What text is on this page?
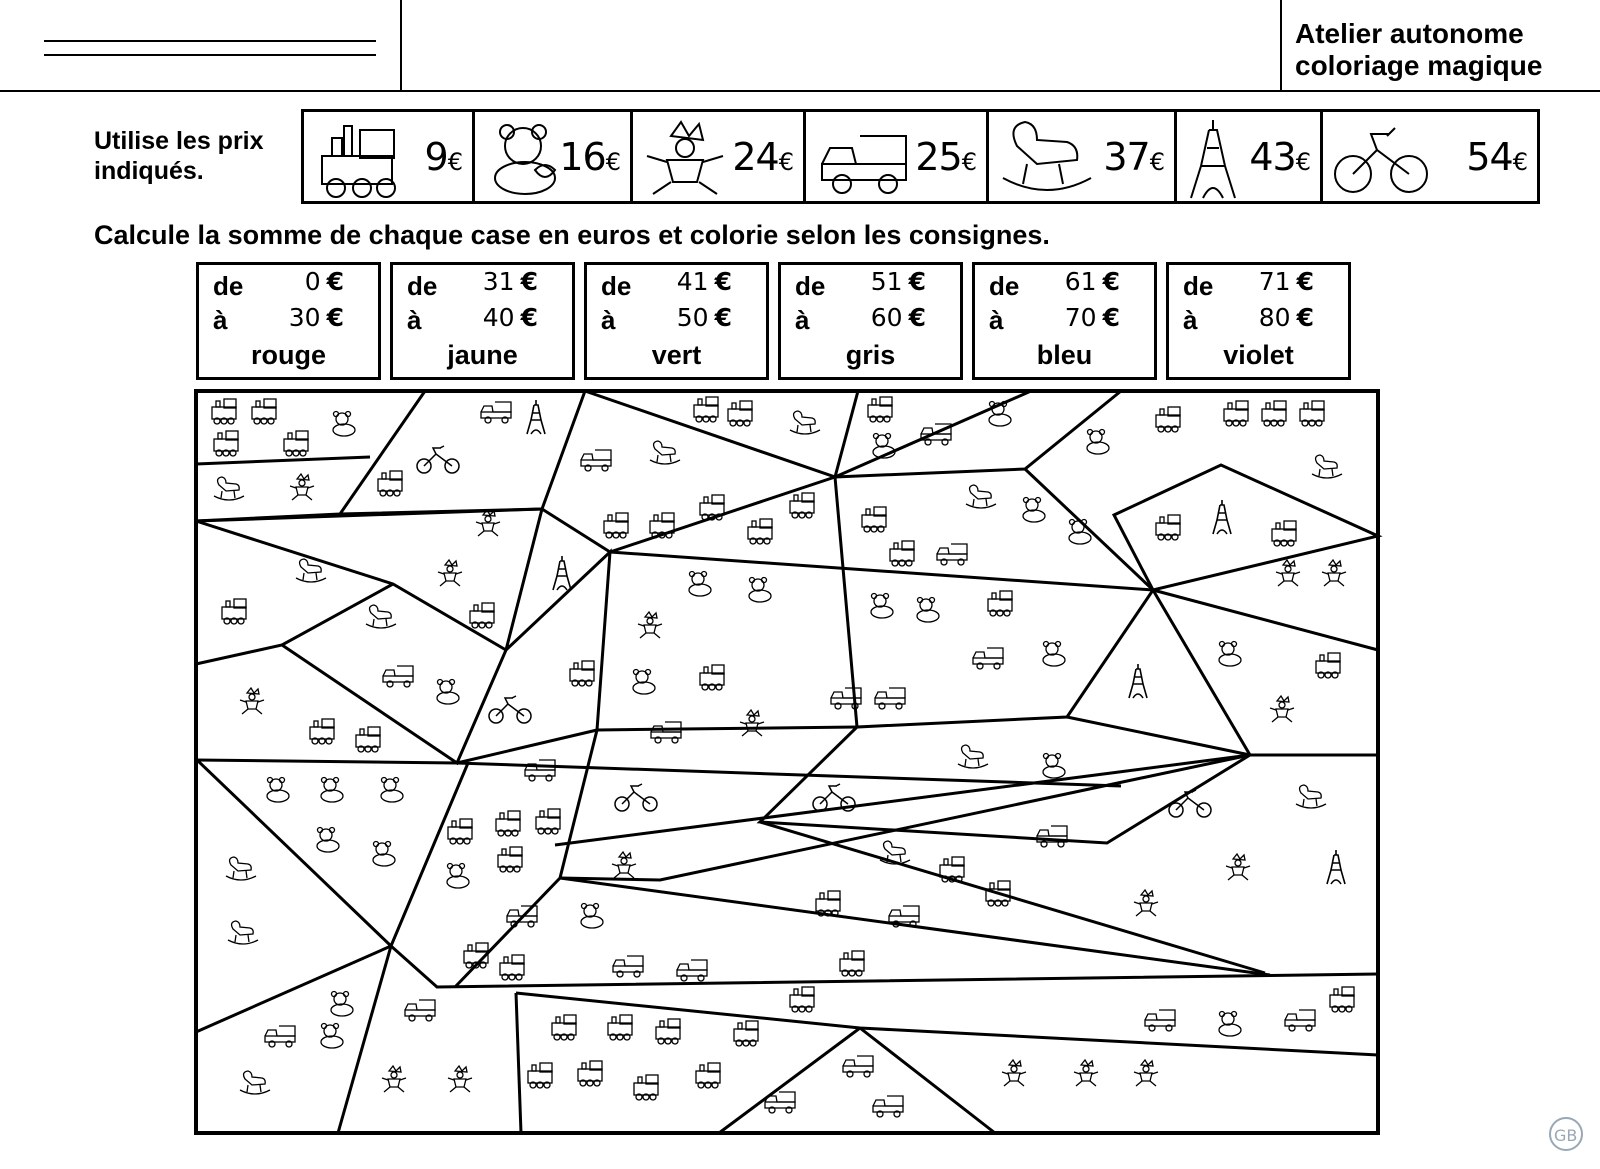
Atelier autonome
coloriage magique
Utilise les prix
indiqués.	9€	16€	24€	25€	37€ 43€	54€
Calcule la somme de chaque case en euros et colorie selon les consignes.
de
à
0 €
30 €
rouge
de
à
31 €
40 €
jaune
de
à
41 €
50 €
vert
de
à
51 €
60 €
gris
de
à
61 €
70 €
bleu
de
à
71 €
80 €
violet
GB
